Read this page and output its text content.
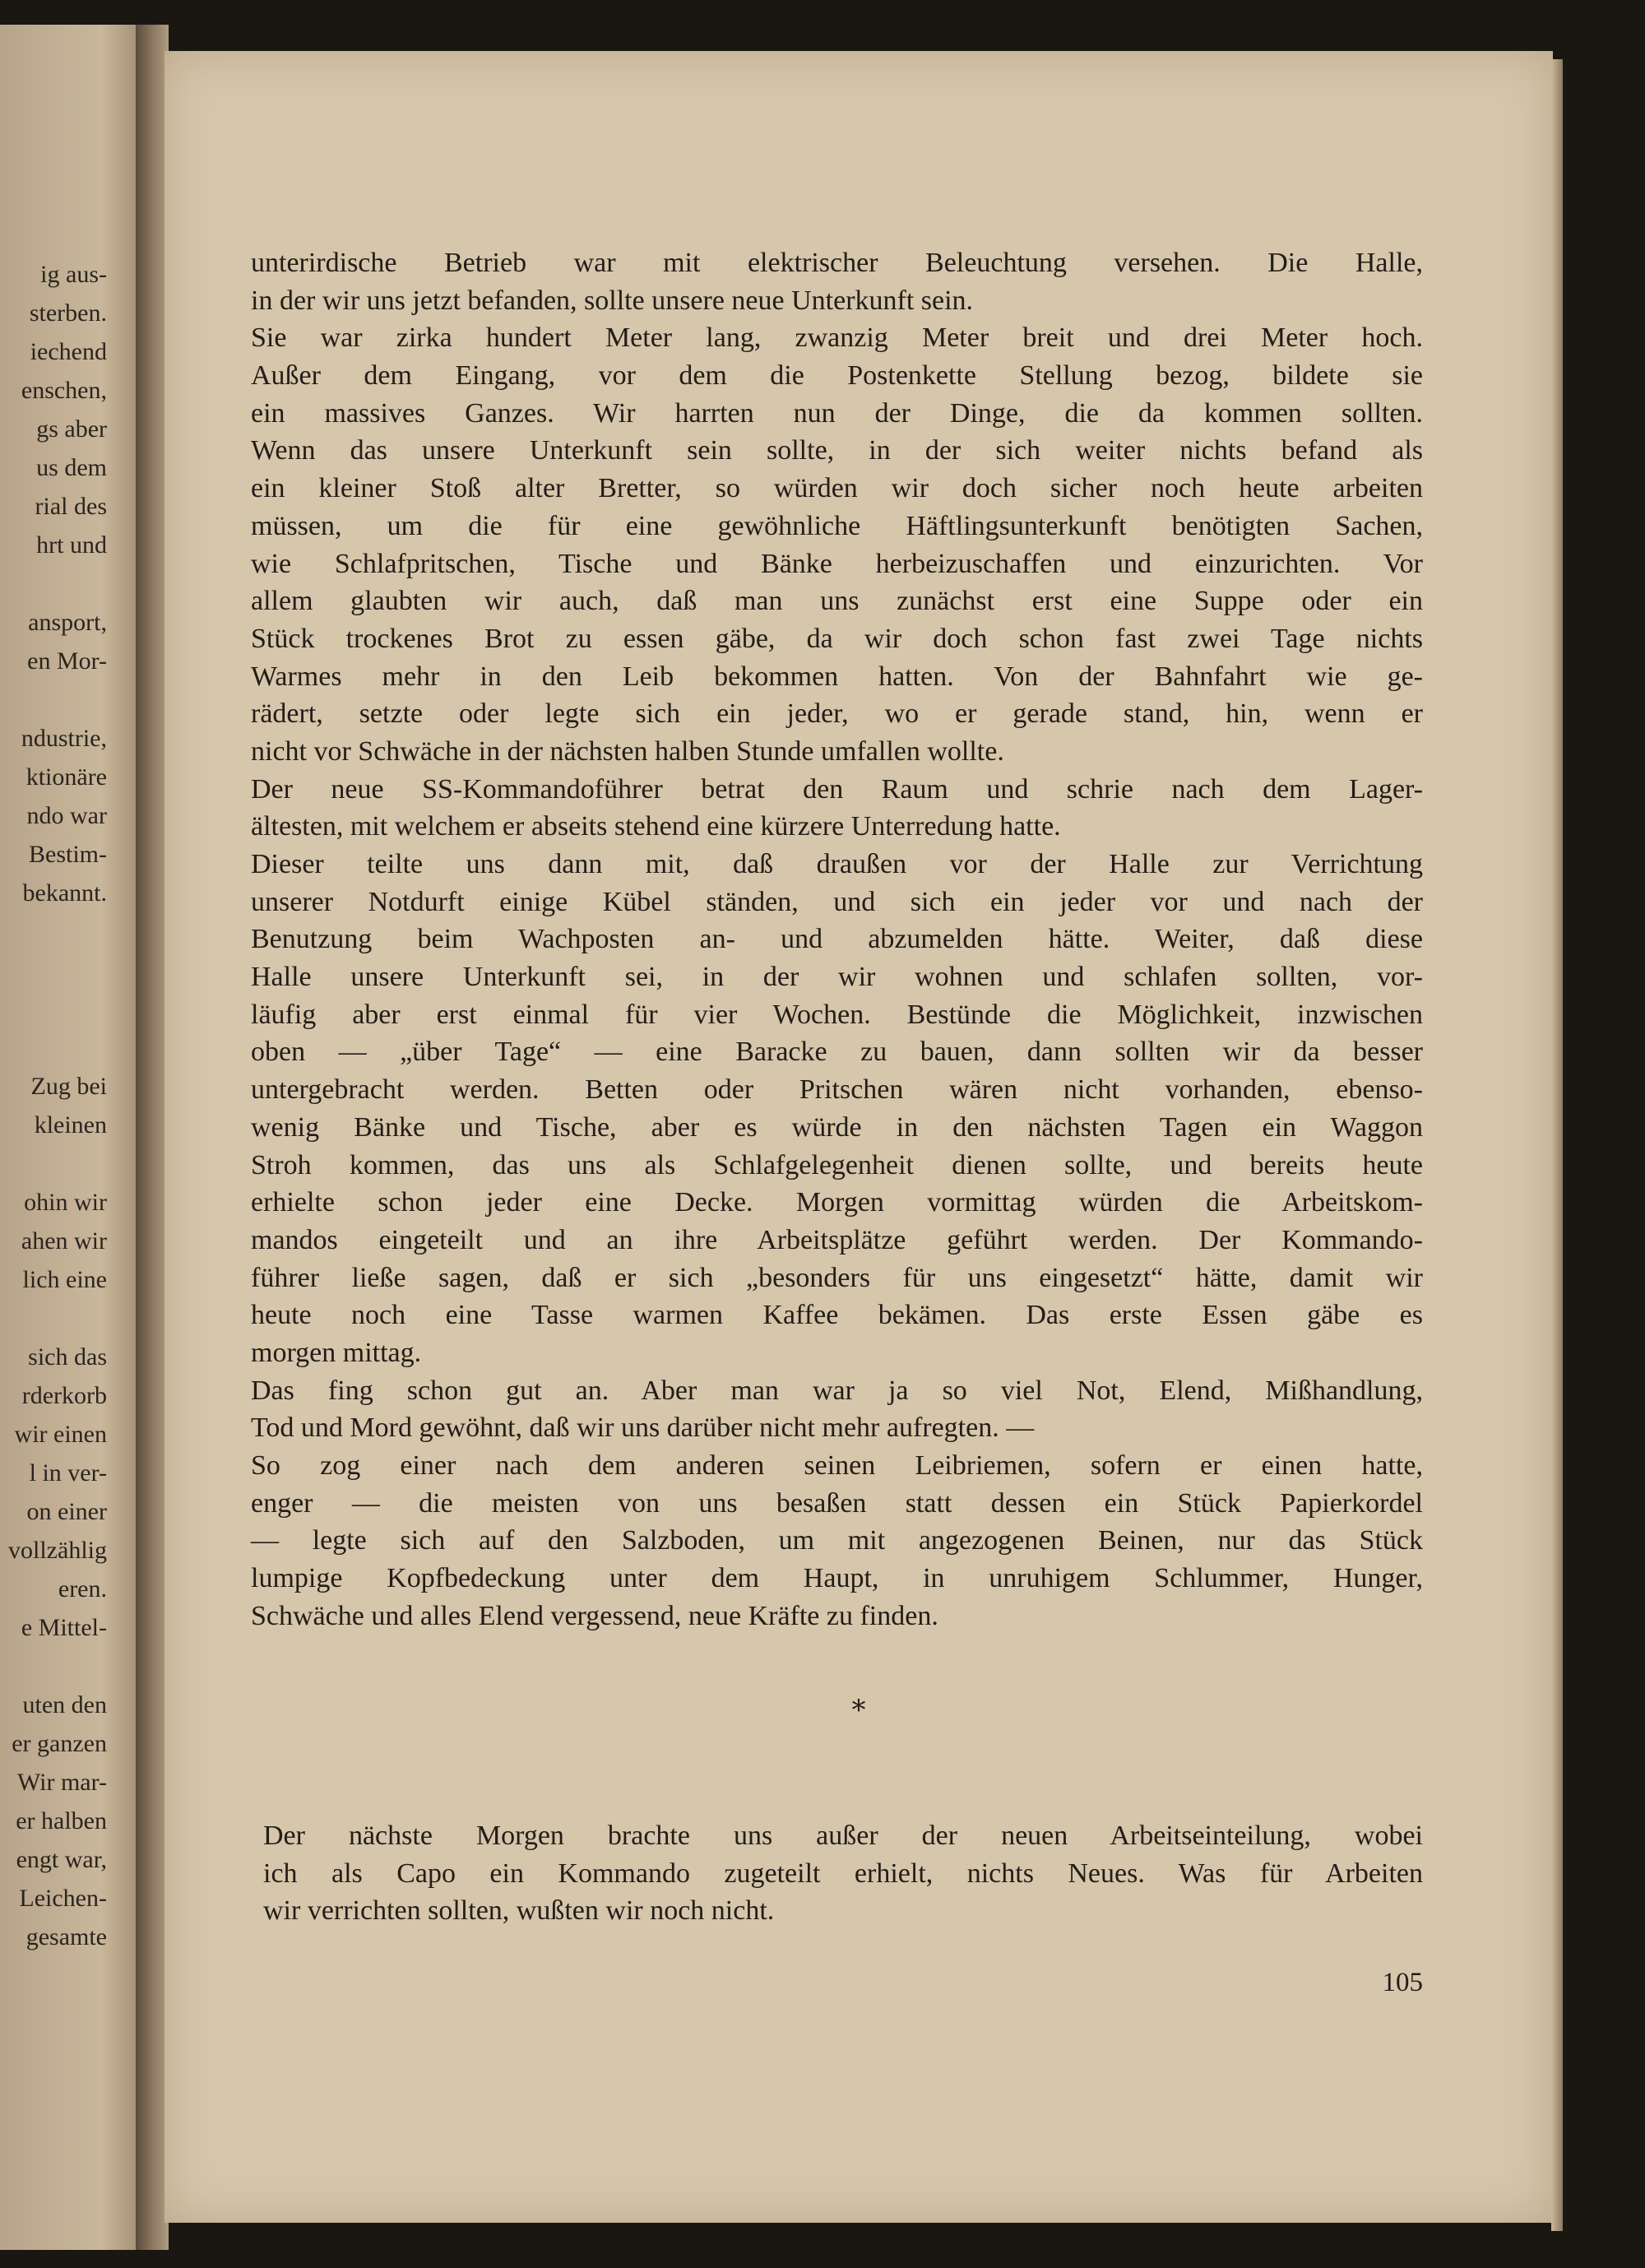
ig aus-
sterben.
iechend
enschen,
gs aber
us dem
rial des
hrt und
ansport,
en Mor-
ndustrie,
ktionäre
ndo war
Bestim-
bekannt.
Zug bei
kleinen
ohin wir
ahen wir
lich eine
sich das
rderkorb
wir einen
l in ver-
on einer
vollzählig
eren.
e Mittel-
uten den
er ganzen
Wir mar-
er halben
engt war,
Leichen-
gesamte
unterirdische Betrieb war mit elektrischer Beleuchtung versehen. Die Halle,
in der wir uns jetzt befanden, sollte unsere neue Unterkunft sein.
Sie war zirka hundert Meter lang, zwanzig Meter breit und drei Meter hoch.
Außer dem Eingang, vor dem die Postenkette Stellung bezog, bildete sie
ein massives Ganzes. Wir harrten nun der Dinge, die da kommen sollten.
Wenn das unsere Unterkunft sein sollte, in der sich weiter nichts befand als
ein kleiner Stoß alter Bretter, so würden wir doch sicher noch heute arbeiten
müssen, um die für eine gewöhnliche Häftlingsunterkunft benötigten Sachen,
wie Schlafpritschen, Tische und Bänke herbeizuschaffen und einzurichten. Vor
allem glaubten wir auch, daß man uns zunächst erst eine Suppe oder ein
Stück trockenes Brot zu essen gäbe, da wir doch schon fast zwei Tage nichts
Warmes mehr in den Leib bekommen hatten. Von der Bahnfahrt wie ge-
rädert, setzte oder legte sich ein jeder, wo er gerade stand, hin, wenn er
nicht vor Schwäche in der nächsten halben Stunde umfallen wollte.
Der neue SS-Kommandoführer betrat den Raum und schrie nach dem Lager-
ältesten, mit welchem er abseits stehend eine kürzere Unterredung hatte.
Dieser teilte uns dann mit, daß draußen vor der Halle zur Verrichtung
unserer Notdurft einige Kübel ständen, und sich ein jeder vor und nach der
Benutzung beim Wachposten an- und abzumelden hätte. Weiter, daß diese
Halle unsere Unterkunft sei, in der wir wohnen und schlafen sollten, vor-
läufig aber erst einmal für vier Wochen. Bestünde die Möglichkeit, inzwischen
oben — „über Tage“ — eine Baracke zu bauen, dann sollten wir da besser
untergebracht werden. Betten oder Pritschen wären nicht vorhanden, ebenso-
wenig Bänke und Tische, aber es würde in den nächsten Tagen ein Waggon
Stroh kommen, das uns als Schlafgelegenheit dienen sollte, und bereits heute
erhielte schon jeder eine Decke. Morgen vormittag würden die Arbeitskom-
mandos eingeteilt und an ihre Arbeitsplätze geführt werden. Der Kommando-
führer ließe sagen, daß er sich „besonders für uns eingesetzt“ hätte, damit wir
heute noch eine Tasse warmen Kaffee bekämen. Das erste Essen gäbe es
morgen mittag.
Das fing schon gut an. Aber man war ja so viel Not, Elend, Mißhandlung,
Tod und Mord gewöhnt, daß wir uns darüber nicht mehr aufregten. —
So zog einer nach dem anderen seinen Leibriemen, sofern er einen hatte,
enger — die meisten von uns besaßen statt dessen ein Stück Papierkordel
— legte sich auf den Salzboden, um mit angezogenen Beinen, nur das Stück
lumpige Kopfbedeckung unter dem Haupt, in unruhigem Schlummer, Hunger,
Schwäche und alles Elend vergessend, neue Kräfte zu finden.
*
Der nächste Morgen brachte uns außer der neuen Arbeitseinteilung, wobei
ich als Capo ein Kommando zugeteilt erhielt, nichts Neues. Was für Arbeiten
wir verrichten sollten, wußten wir noch nicht.
105
